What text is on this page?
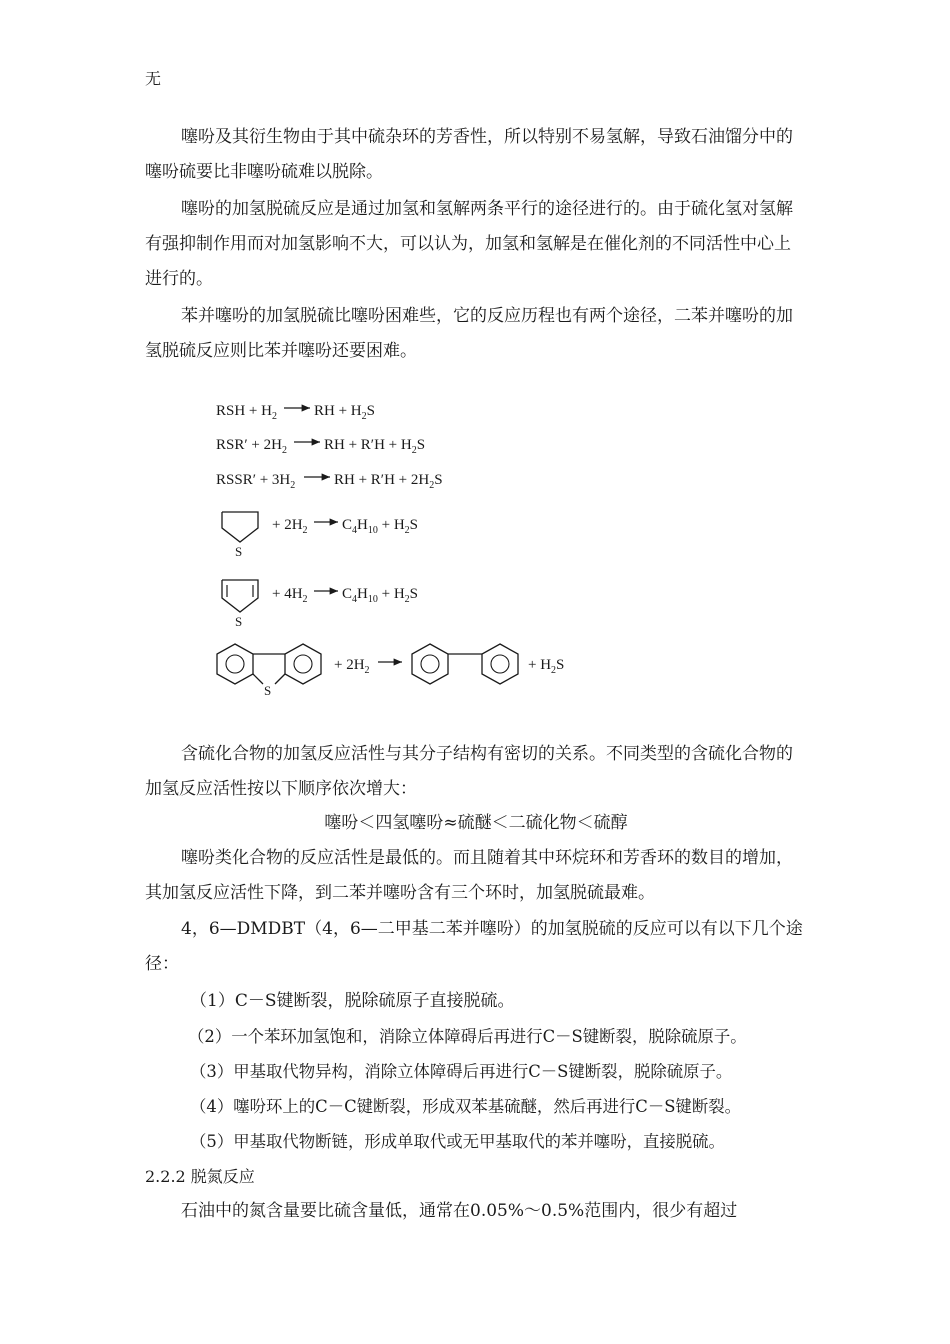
无

噻吩及其衍生物由于其中硫杂环的芳香性，所以特别不易氢解，导致石油馏分中的噻吩硫要比非噻吩硫难以脱除。

噻吩的加氢脱硫反应是通过加氢和氢解两条平行的途径进行的。由于硫化氢对氢解有强抑制作用而对加氢影响不大，可以认为，加氢和氢解是在催化剂的不同活性中心上进行的。

苯并噻吩的加氢脱硫比噻吩困难些，它的反应历程也有两个途径，二苯并噻吩的加氢脱硫反应则比苯并噻吩还要困难。

RSH + $H_2$ RH + $H_2S$
$RSR' + 2H_2$ RH + $R'H + H_2S$
RSSR′ + $3H_2$	RH + $R'H + 2H_2S$
S
+ $2H_2$ $C_4H_{10} + H_2S$
S
+ $4H_2$ $C_4H_{10} + H_2S$
S
+ $2H_2$	+ $H_2S$

含硫化合物的加氢反应活性与其分子结构有密切的关系。不同类型的含硫化合物的加氢反应活性按以下顺序依次增大：

噻吩＜四氢噻吩≈硫醚＜二硫化物＜硫醇

噻吩类化合物的反应活性是最低的。而且随着其中环烷环和芳香环的数目的增加，其加氢反应活性下降，到二苯并噻吩含有三个环时，加氢脱硫最难。

4，6—DMDBT（4，6—二甲基二苯并噻吩）的加氢脱硫的反应可以有以下几个途径：

（1）C－S键断裂，脱除硫原子直接脱硫。

（2）一个苯环加氢饱和，消除立体障碍后再进行C－S键断裂，脱除硫原子。

（3）甲基取代物异构，消除立体障碍后再进行C－S键断裂，脱除硫原子。

（4）噻吩环上的C－C键断裂，形成双苯基硫醚，然后再进行C－S键断裂。

（5）甲基取代物断链，形成单取代或无甲基取代的苯并噻吩，直接脱硫。

2.2.2 脱氮反应

石油中的氮含量要比硫含量低，通常在0.05%～0.5%范围内，很少有超过
